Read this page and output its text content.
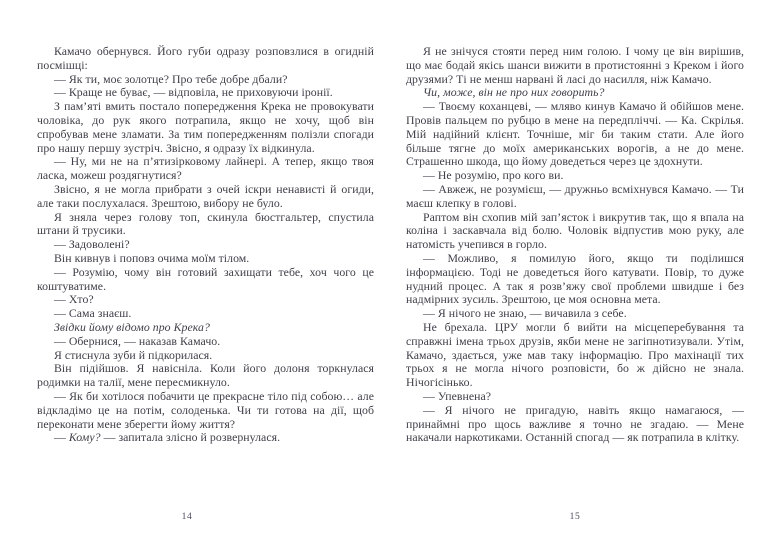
Камачо обернувся. Його губи одразу розповзлися в огидній посмішці:

— Як ти, моє золотце? Про тебе добре дбали?

— Краще не буває, — відповіла, не приховуючи іронії.

З пам’яті вмить постало попередження Крека не провокувати чоловіка, до рук якого потрапила, якщо не хочу, щоб він спробував мене зламати. За тим попередженням полізли спогади про нашу першу зустріч. Звісно, я одразу їх відкинула.

— Ну, ми не на п’ятизірковому лайнері. А тепер, якщо твоя ласка, можеш роздягнутися?

Звісно, я не могла прибрати з очей іскри ненависті й огиди, але таки послухалася. Зрештою, вибору не було.

Я зняла через голову топ, скинула бюстгальтер, спустила штани й трусики.

— Задоволені?

Він кивнув і поповз очима моїм тілом.

— Розумію, чому він готовий захищати тебе, хоч чого це коштуватиме.

— Хто?

— Сама знаєш.

Звідки йому відомо про Крека?

— Обернися, — наказав Камачо.

Я стиснула зуби й підкорилася.

Він підійшов. Я навісніла. Коли його долоня торкнулася родимки на талії, мене пересмикнуло.

— Як би хотілося побачити це прекрасне тіло під собою… але відкладімо це на потім, солоденька. Чи ти готова на дії, щоб переконати мене зберегти йому життя?

— Кому? — запитала злісно й розвернулася.

Я не знічуся стояти перед ним голою. І чому це він вирішив, що має бодай якісь шанси вижити в протистоянні з Креком і його друзями? Ті не менш нарвані й ласі до насилля, ніж Камачо.

Чи, може, він не про них говорить?

— Твоєму коханцеві, — мляво кинув Камачо й обійшов мене. Провів пальцем по рубцю в мене на передпліччі. — Ка. Скрілья. Мій надійний клієнт. Точніше, міг би таким стати. Але його більше тягне до моїх американських ворогів, а не до мене. Страшенно шкода, що йому доведеться через це здохнути.

— Не розумію, про кого ви.

— Авжеж, не розумієш, — дружньо всміхнувся Камачо. — Ти маєш клепку в голові.

Раптом він схопив мій зап’ясток і викрутив так, що я впала на коліна і заскавчала від болю. Чоловік відпустив мою руку, але натомість учепився в горло.

— Можливо, я помилую його, якщо ти поділишся інформацією. Тоді не доведеться його катувати. Повір, то дуже нудний процес. А так я розв’яжу свої проблеми швидше і без надмірних зусиль. Зрештою, це моя основна мета.

— Я нічого не знаю, — вичавила з себе.

Не брехала. ЦРУ могли б вийти на місцеперебування та справжні імена трьох друзів, якби мене не загіпнотизували. Утім, Камачо, здається, уже мав таку інформацію. Про махінації тих трьох я не могла нічого розповісти, бо ж дійсно не знала. Нічогісінько.

— Упевнена?

— Я нічого не пригадую, навіть якщо намагаюся, — принаймні про щось важливе я точно не згадаю. — Мене накачали наркотиками. Останній спогад — як потрапила в клітку.

14	15
